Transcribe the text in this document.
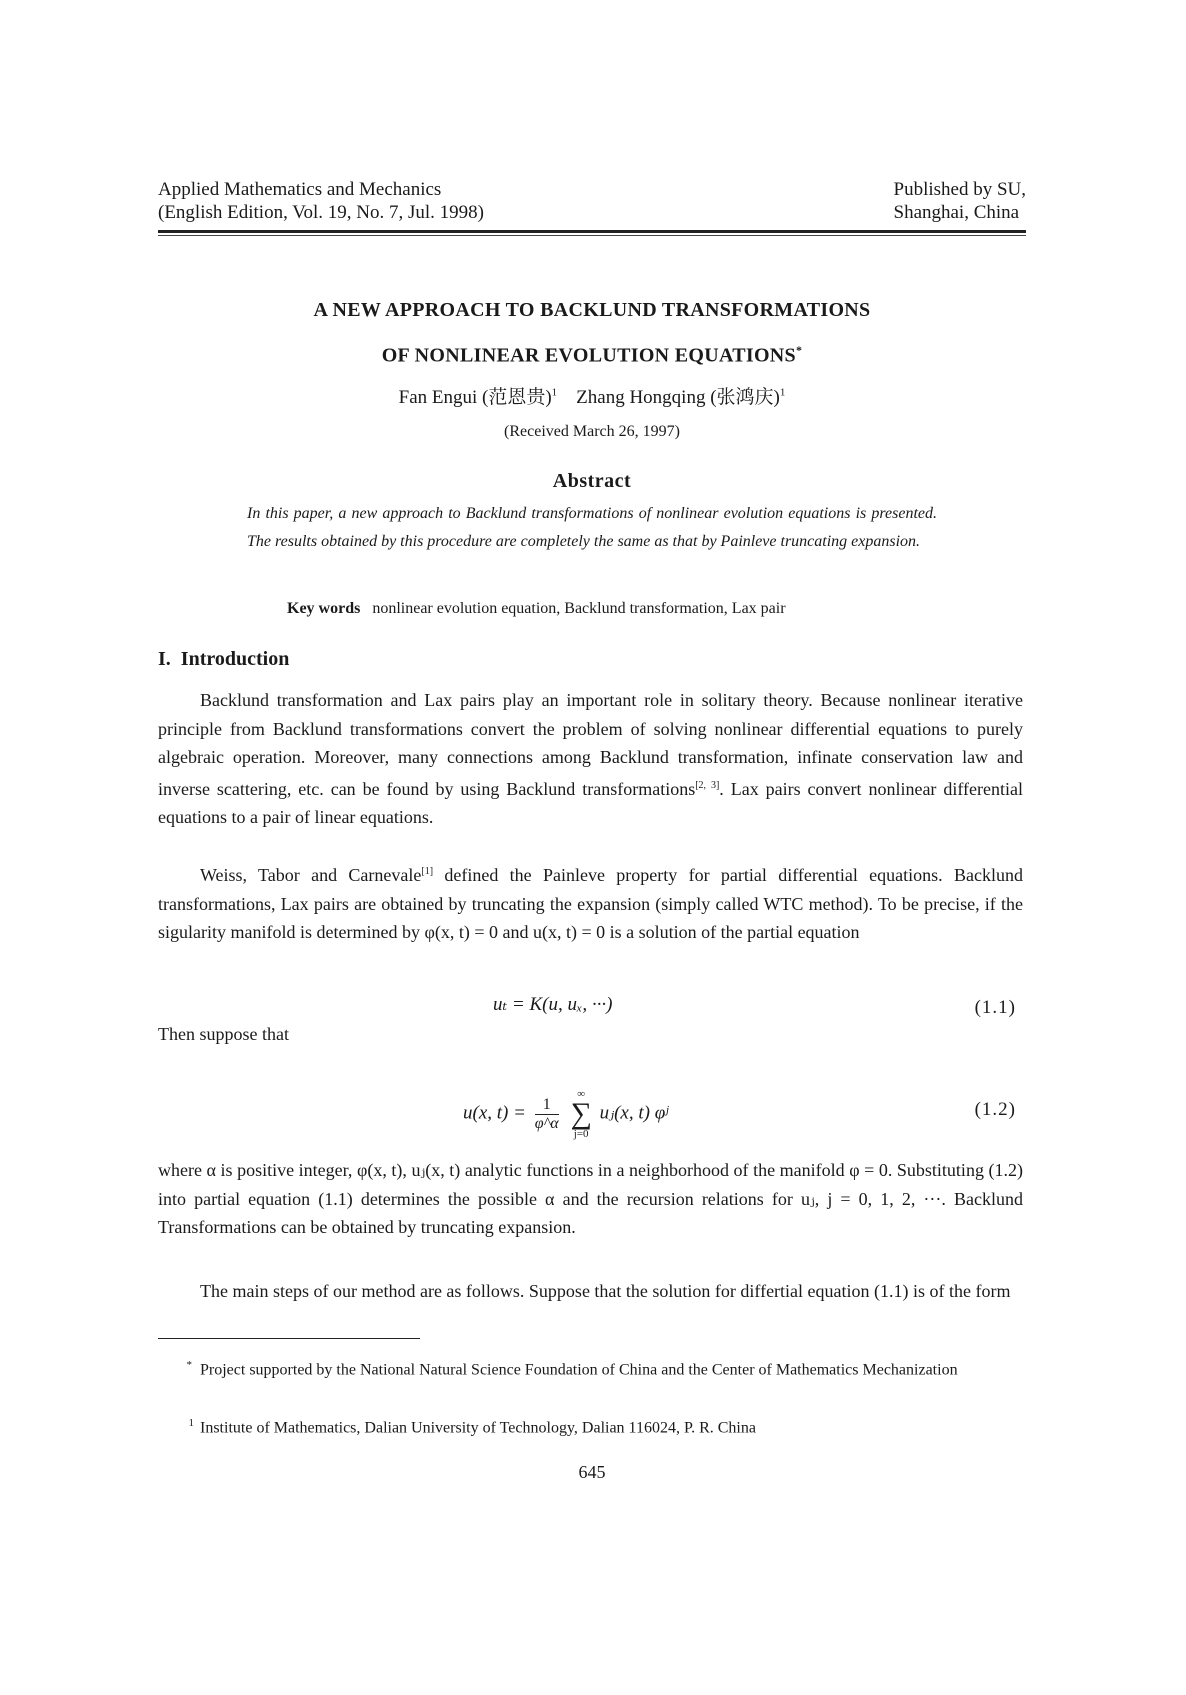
Applied Mathematics and Mechanics
(English Edition, Vol. 19, No. 7, Jul. 1998)
Published by SU,
Shanghai, China
A NEW APPROACH TO BACKLUND TRANSFORMATIONS
OF NONLINEAR EVOLUTION EQUATIONS*
Fan Engui (范恩贵)$^1$ Zhang Hongqing (张鸿庆)$^1$
(Received March 26, 1997)
Abstract
In this paper, a new approach to Backlund transformations of nonlinear evolution equations is presented. The results obtained by this procedure are completely the same as that by Painleve truncating expansion.
Key words nonlinear evolution equation, Backlund transformation, Lax pair
I. Introduction
Backlund transformation and Lax pairs play an important role in solitary theory. Because nonlinear iterative principle from Backlund transformations convert the problem of solving nonlinear differential equations to purely algebraic operation. Moreover, many connections among Backlund transformation, infinate conservation law and inverse scattering, etc. can be found by using Backlund transformations[2, 3]. Lax pairs convert nonlinear differential equations to a pair of linear equations.
Weiss, Tabor and Carnevale[1] defined the Painleve property for partial differential equations. Backlund transformations, Lax pairs are obtained by truncating the expansion (simply called WTC method). To be precise, if the sigularity manifold is determined by φ(x, t) = 0 and u(x, t) = 0 is a solution of the partial equation
uₜ = K(u, uₓ, ···)	(1.1)
Then suppose that
u(x, $t) = \frac{1}{\varphi\^{}\alpha}$

∞
∑
j=0
uⱼ(x, t) φʲ	(1.2)
where α is positive integer, φ(x, t), uⱼ(x, t) analytic functions in a neighborhood of the manifold φ = 0. Substituting (1.2) into partial equation (1.1) determines the possible α and the recursion relations for uⱼ, j = 0, 1, 2, ···. Backlund Transformations can be obtained by truncating expansion.
The main steps of our method are as follows. Suppose that the solution for differtial equation (1.1) is of the form
* Project supported by the National Natural Science Foundation of China and the Center of Mathematics Mechanization
$^1$ Institute of Mathematics, Dalian University of Technology, Dalian 116024, P. R. China
645
